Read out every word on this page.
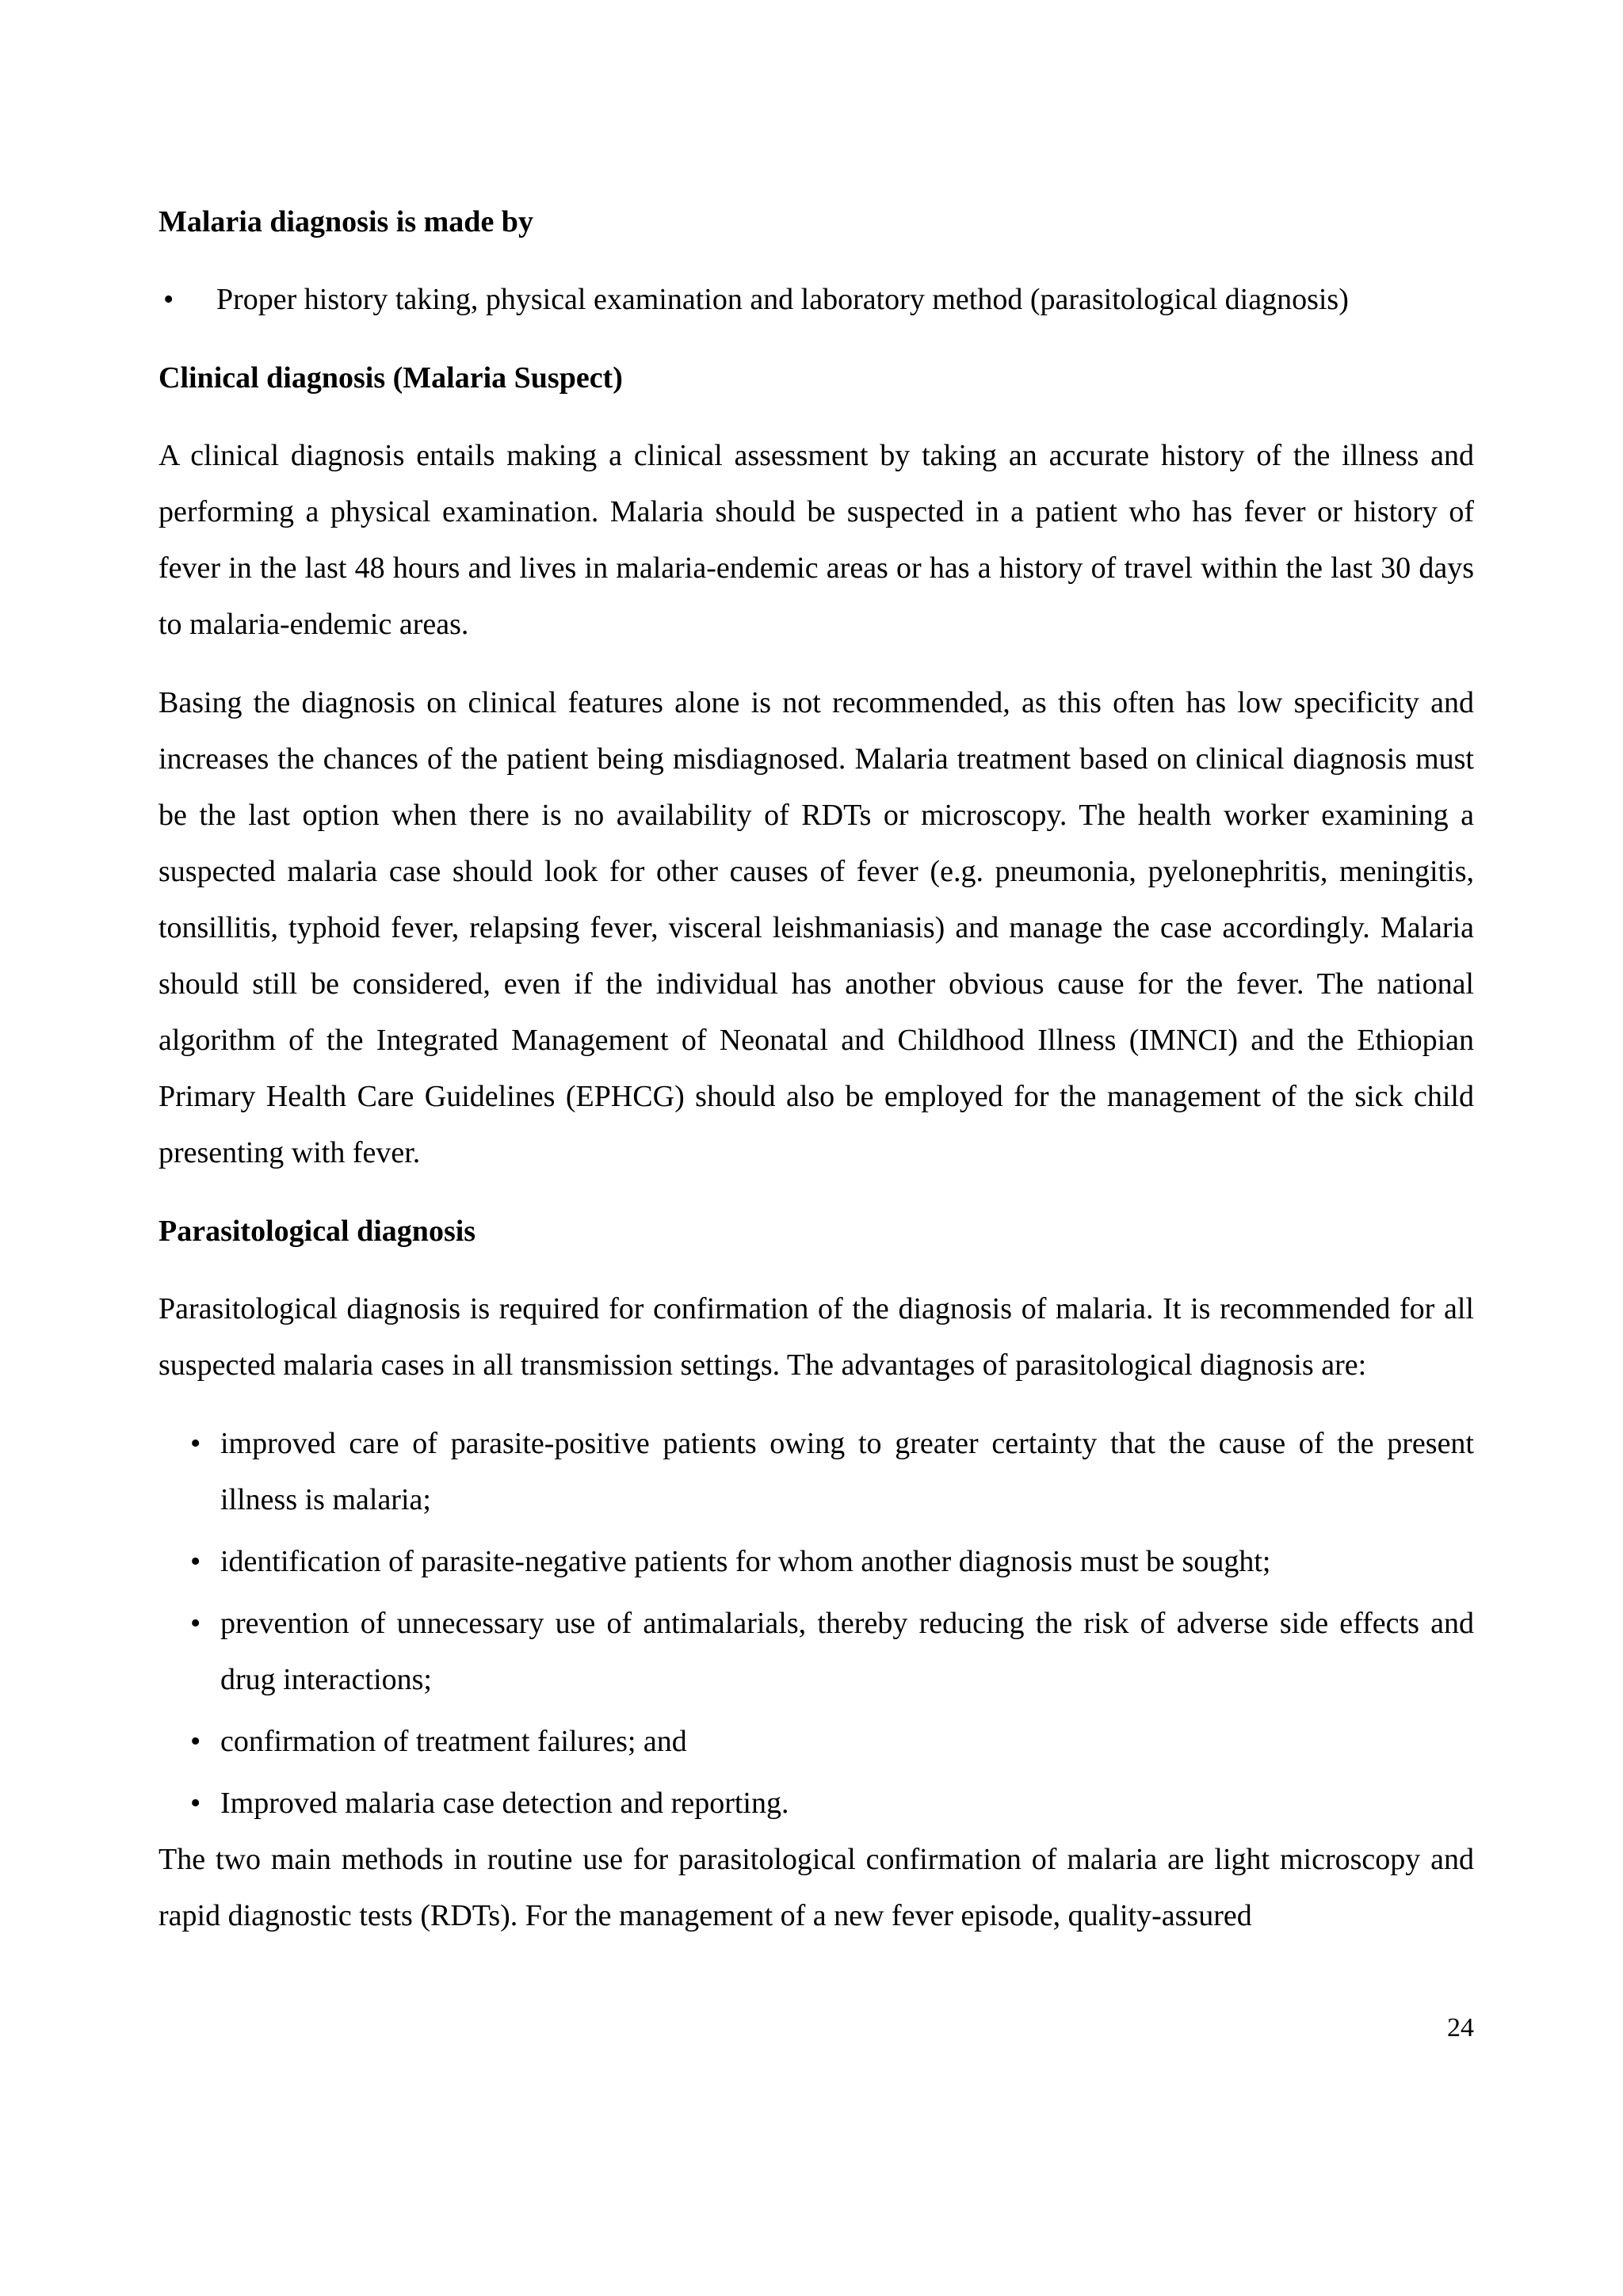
Malaria diagnosis is made by
• Proper history taking, physical examination and laboratory method (parasitological diagnosis)
Clinical diagnosis (Malaria Suspect)

A clinical diagnosis entails making a clinical assessment by taking an accurate history of the illness and performing a physical examination. Malaria should be suspected in a patient who has fever or history of fever in the last 48 hours and lives in malaria-endemic areas or has a history of travel within the last 30 days to malaria-endemic areas.

Basing the diagnosis on clinical features alone is not recommended, as this often has low specificity and increases the chances of the patient being misdiagnosed. Malaria treatment based on clinical diagnosis must be the last option when there is no availability of RDTs or microscopy. The health worker examining a suspected malaria case should look for other causes of fever (e.g. pneumonia, pyelonephritis, meningitis, tonsillitis, typhoid fever, relapsing fever, visceral leishmaniasis) and manage the case accordingly. Malaria should still be considered, even if the individual has another obvious cause for the fever. The national algorithm of the Integrated Management of Neonatal and Childhood Illness (IMNCI) and the Ethiopian Primary Health Care Guidelines (EPHCG) should also be employed for the management of the sick child presenting with fever.

Parasitological diagnosis

Parasitological diagnosis is required for confirmation of the diagnosis of malaria. It is recommended for all suspected malaria cases in all transmission settings. The advantages of parasitological diagnosis are:

• improved care of parasite-positive patients owing to greater certainty that the cause of the present illness is malaria;
• identification of parasite-negative patients for whom another diagnosis must be sought;
• prevention of unnecessary use of antimalarials, thereby reducing the risk of adverse side effects and drug interactions;
• confirmation of treatment failures; and
• Improved malaria case detection and reporting.

The two main methods in routine use for parasitological confirmation of malaria are light microscopy and rapid diagnostic tests (RDTs). For the management of a new fever episode, quality-assured

24
